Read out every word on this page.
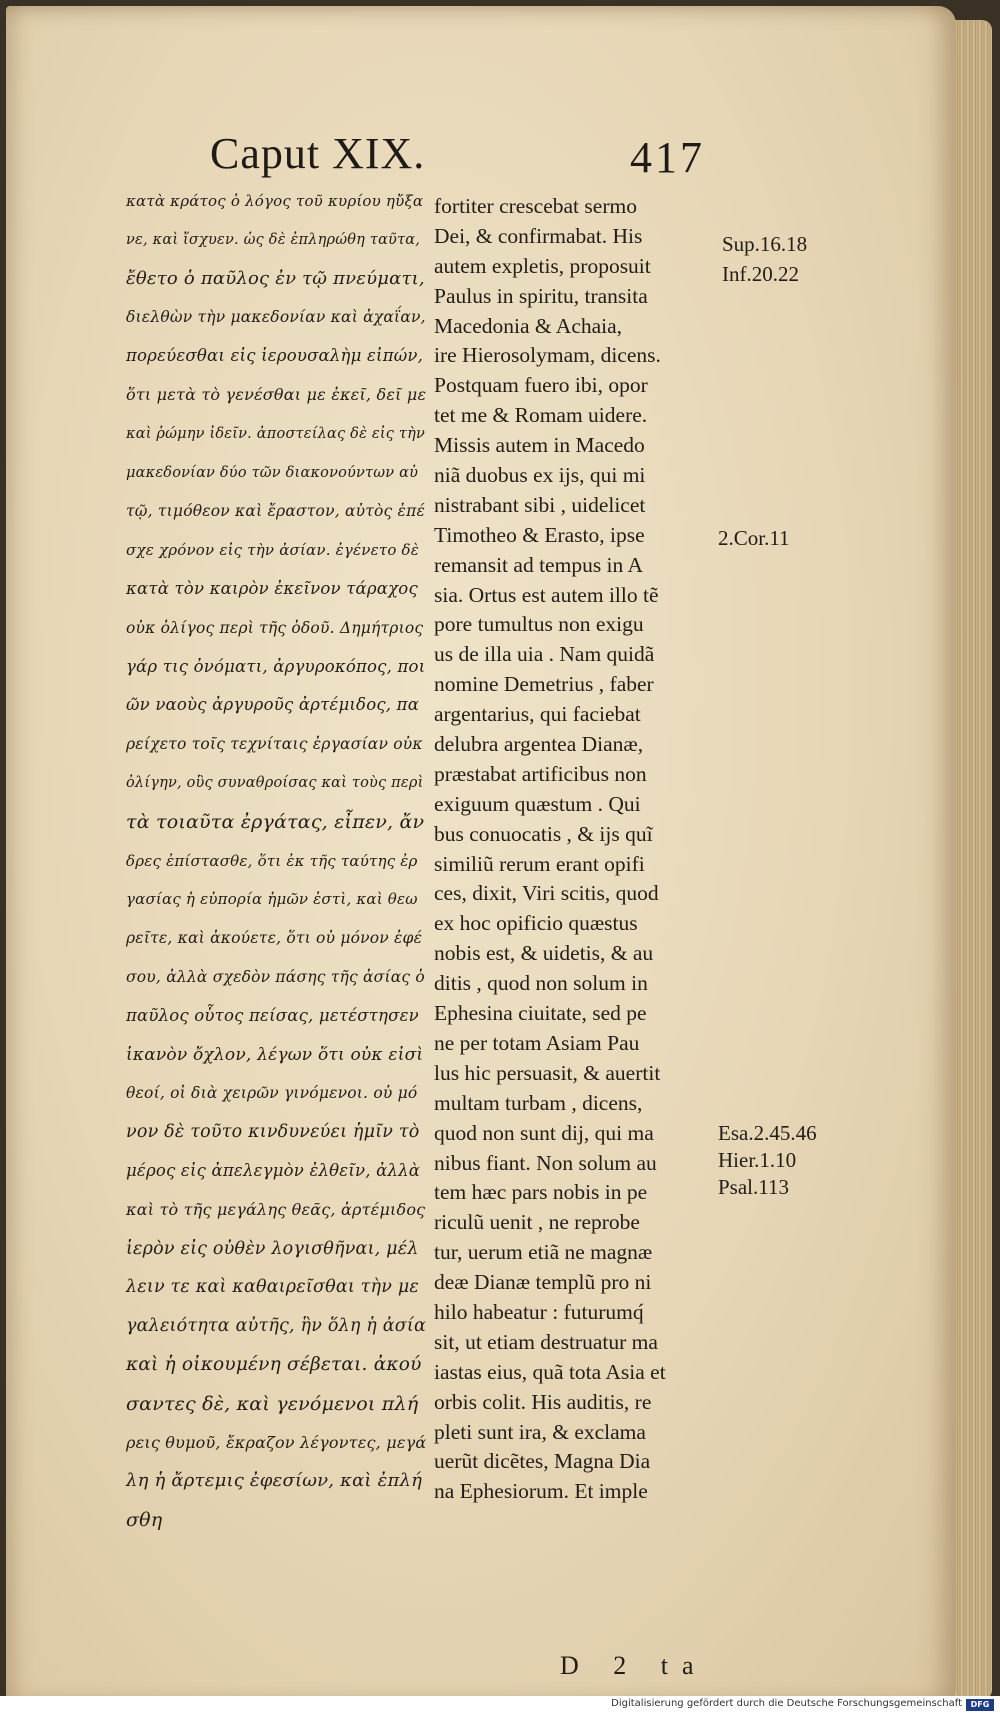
Caput XIX.	417
κατὰ κράτος ὁ λόγος τοῦ κυρίου ηὔξα
νε, καὶ ἴσχυεν. ὡς δὲ ἐπληρώθη ταῦτα,
ἔθετο ὁ παῦλος ἐν τῷ πνεύματι,
διελθὼν τὴν μακεδονίαν καὶ ἀχαΐαν,
πορεύεσθαι εἰς ἱερουσαλὴμ εἰπών,
ὅτι μετὰ τὸ γενέσθαι με ἐκεῖ, δεῖ με
καὶ ῥώμην ἰδεῖν. ἀποστείλας δὲ εἰς τὴν
μακεδονίαν δύο τῶν διακονούντων αὐ
τῷ, τιμόθεον καὶ ἔραστον, αὐτὸς ἐπέ
σχε χρόνον εἰς τὴν ἀσίαν. ἐγένετο δὲ
κατὰ τὸν καιρὸν ἐκεῖνον τάραχος
οὐκ ὀλίγος περὶ τῆς ὁδοῦ. Δημήτριος
γάρ τις ὀνόματι, ἀργυροκόπος, ποι
ῶν ναοὺς ἀργυροῦς ἀρτέμιδος, πα
ρείχετο τοῖς τεχνίταις ἐργασίαν οὐκ
ὀλίγην, οὓς συναθροίσας καὶ τοὺς περὶ
τὰ τοιαῦτα ἐργάτας, εἶπεν, ἄν
δρες ἐπίστασθε, ὅτι ἐκ τῆς ταύτης ἐρ
γασίας ἡ εὐπορία ἡμῶν ἐστὶ, καὶ θεω
ρεῖτε, καὶ ἀκούετε, ὅτι οὐ μόνον ἐφέ
σου, ἀλλὰ σχεδὸν πάσης τῆς ἀσίας ὁ
παῦλος οὗτος πείσας, μετέστησεν
ἱκανὸν ὄχλον, λέγων ὅτι οὐκ εἰσὶ
θεοί, οἱ διὰ χειρῶν γινόμενοι. οὐ μό
νον δὲ τοῦτο κινδυνεύει ἡμῖν τὸ
μέρος εἰς ἀπελεγμὸν ἐλθεῖν, ἀλλὰ
καὶ τὸ τῆς μεγάλης θεᾶς, ἀρτέμιδος
ἱερὸν εἰς οὐθὲν λογισθῆναι, μέλ
λειν τε καὶ καθαιρεῖσθαι τὴν με
γαλειότητα αὐτῆς, ἣν ὅλη ἡ ἀσία
καὶ ἡ οἰκουμένη σέβεται. ἀκού
σαντες δὲ, καὶ γενόμενοι πλή
ρεις θυμοῦ, ἔκραζον λέγοντες, μεγά
λη ἡ ἄρτεμις ἐφεσίων, καὶ ἐπλή
σθη
fortiter crescebat sermo
Dei, & confirmabat. His
autem expletis, proposuit
Paulus in spiritu, transita
Macedonia & Achaia,
ire Hierosolymam, dicens.
Postquam fuero ibi, opor
tet me & Romam uidere.
Missis autem in Macedo
niã duobus ex ijs, qui mi
nistrabant sibi , uidelicet
Timotheo & Erasto, ipse
remansit ad tempus in A
sia. Ortus est autem illo tẽ
pore tumultus non exigu
us de illa uia . Nam quidã
nomine Demetrius , faber
argentarius, qui faciebat
delubra argentea Dianæ,
præstabat artificibus non
exiguum quæstum . Qui
bus conuocatis , & ijs quĩ
similiũ rerum erant opifi
ces, dixit, Viri scitis, quod
ex hoc opificio quæstus
nobis est, & uidetis, & au
ditis , quod non solum in
Ephesina ciuitate, sed pe
ne per totam Asiam Pau
lus hic persuasit, & auertit
multam turbam , dicens,
quod non sunt dij, qui ma
nibus fiant. Non solum au
tem hæc pars nobis in pe
riculũ uenit , ne reprobe
tur, uerum etiã ne magnæ
deæ Dianæ templũ pro ni
hilo habeatur : futurumq́
sit, ut etiam destruatur ma
iastas eius, quã tota Asia et
orbis colit. His auditis, re
pleti sunt ira, & exclama
uerũt dicẽtes, Magna Dia
na Ephesiorum. Et imple
Sup.16.18
Inf.20.22
2.Cor.11
Esa.2.45.46
Hier.1.10
Psal.113
D 2 ta
Digitalisierung gefördert durch die Deutsche Forschungsgemeinschaft	DFG
